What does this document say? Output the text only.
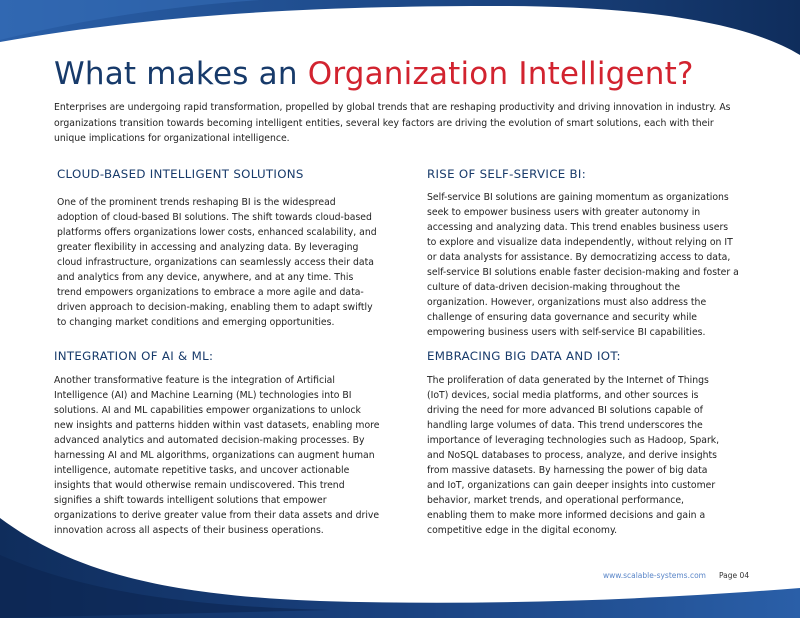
What makes an Organization Intelligent?

Enterprises are undergoing rapid transformation, propelled by global trends that are reshaping productivity and driving innovation in industry. As organizations transition towards becoming intelligent entities, several key factors are driving the evolution of smart solutions, each with their unique implications for organizational intelligence.

CLOUD-BASED INTELLIGENT SOLUTIONS

One of the prominent trends reshaping BI is the widespread adoption of cloud-based BI solutions. The shift towards cloud-based platforms offers organizations lower costs, enhanced scalability, and greater flexibility in accessing and analyzing data. By leveraging cloud infrastructure, organizations can seamlessly access their data and analytics from any device, anywhere, and at any time. This trend empowers organizations to embrace a more agile and data-driven approach to decision-making, enabling them to adapt swiftly to changing market conditions and emerging opportunities.

RISE OF SELF-SERVICE BI:

Self-service BI solutions are gaining momentum as organizations seek to empower business users with greater autonomy in accessing and analyzing data. This trend enables business users to explore and visualize data independently, without relying on IT or data analysts for assistance. By democratizing access to data, self-service BI solutions enable faster decision-making and foster a culture of data-driven decision-making throughout the organization. However, organizations must also address the challenge of ensuring data governance and security while empowering business users with self-service BI capabilities.

INTEGRATION OF AI & ML:

Another transformative feature is the integration of Artificial Intelligence (AI) and Machine Learning (ML) technologies into BI solutions. AI and ML capabilities empower organizations to unlock new insights and patterns hidden within vast datasets, enabling more advanced analytics and automated decision-making processes. By harnessing AI and ML algorithms, organizations can augment human intelligence, automate repetitive tasks, and uncover actionable insights that would otherwise remain undiscovered. This trend signifies a shift towards intelligent solutions that empower organizations to derive greater value from their data assets and drive innovation across all aspects of their business operations.

EMBRACING BIG DATA AND IOT:

The proliferation of data generated by the Internet of Things (IoT) devices, social media platforms, and other sources is driving the need for more advanced BI solutions capable of handling large volumes of data. This trend underscores the importance of leveraging technologies such as Hadoop, Spark, and NoSQL databases to process, analyze, and derive insights from massive datasets. By harnessing the power of big data and IoT, organizations can gain deeper insights into customer behavior, market trends, and operational performance, enabling them to make more informed decisions and gain a competitive edge in the digital economy.

www.scalable-systems.com Page 04
